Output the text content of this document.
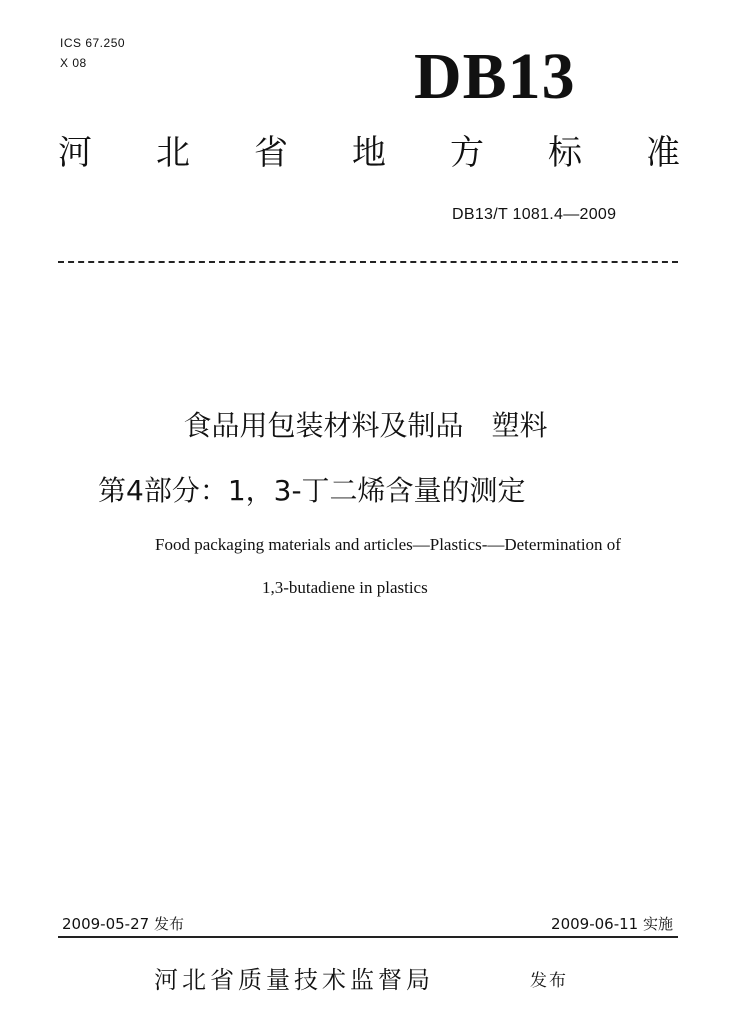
ICS 67.250
X 08	DB13
河 北 省 地 方 标 准
DB13/T 1081.4—2009
食品用包装材料及制品　塑料
第4部分：1，3-丁二烯含量的测定
Food packaging materials and articles—Plastics-—Determination of
1,3-butadiene in plastics
2009-05-27 发布	2009-06-11 实施
河北省质量技术监督局	发布
